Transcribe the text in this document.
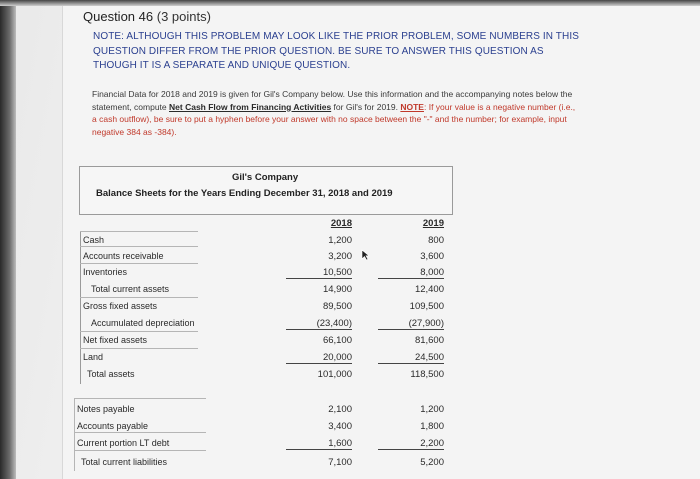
Question 46 (3 points)
NOTE: ALTHOUGH THIS PROBLEM MAY LOOK LIKE THE PRIOR PROBLEM, SOME NUMBERS IN THIS QUESTION DIFFER FROM THE PRIOR QUESTION. BE SURE TO ANSWER THIS QUESTION AS THOUGH IT IS A SEPARATE AND UNIQUE QUESTION.
Financial Data for 2018 and 2019 is given for Gil's Company below. Use this information and the accompanying notes below the statement, compute Net Cash Flow from Financing Activities for Gil's for 2019. NOTE: If your value is a negative number (i.e., a cash outflow), be sure to put a hyphen before your answer with no space between the "-" and the number; for example, input negative 384 as -384).
Gil's Company
Balance Sheets for the Years Ending December 31, 2018 and 2019
2018	2019
Cash	1,200	800
Accounts receivable	3,200	3,600
Inventories	10,500	8,000
Total current assets	14,900	12,400
Gross fixed assets	89,500	109,500
Accumulated depreciation	(23,400)	(27,900)
Net fixed assets	66,100	81,600
Land	20,000	24,500
Total assets	101,000	118,500
Notes payable	2,100	1,200
Accounts payable	3,400	1,800
Current portion LT debt	1,600	2,200
Total current liabilities	7,100	5,200
